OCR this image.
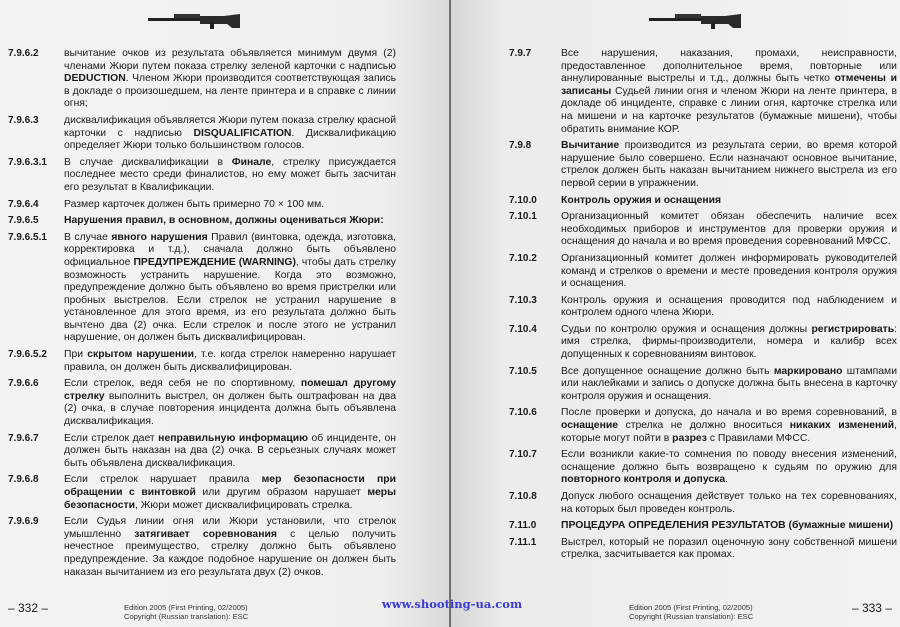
7.9.6.2	вычитание очков из результата объявляется минимум двумя (2) членами Жюри путем показа стрелку зеленой карточки с надписью DEDUCTION. Членом Жюри производится соответствующая запись в докладе о произошедшем, на ленте принтера и в справке с линии огня;
7.9.6.3	дисквалификация объявляется Жюри путем показа стрелку красной карточки с надписью DISQUALIFICATION. Дисквалификацию определяет Жюри только большинством голосов.
7.9.6.3.1	В случае дисквалификации в Финале, стрелку присуждается последнее место среди финалистов, но ему может быть засчитан его результат в Квалификации.
7.9.6.4	Размер карточек должен быть примерно 70 × 100 мм.
7.9.6.5	Нарушения правил, в основном, должны оцениваться Жюри:
7.9.6.5.1	В случае явного нарушения Правил (винтовка, одежда, изготовка, корректировка и т.д.), сначала должно быть объявлено официальное ПРЕДУПРЕЖДЕНИЕ (WARNING), чтобы дать стрелку возможность устранить нарушение. Когда это возможно, предупреждение должно быть объявлено во время пристрелки или пробных выстрелов. Если стрелок не устранил нарушение в установленное для этого время, из его результата должно быть вычтено два (2) очка. Если стрелок и после этого не устранил нарушение, он должен быть дисквалифицирован.
7.9.6.5.2	При скрытом нарушении, т.е. когда стрелок намеренно нарушает правила, он должен быть дисквалифицирован.
7.9.6.6	Если стрелок, ведя себя не по спортивному, помешал другому стрелку выполнить выстрел, он должен быть оштрафован на два (2) очка, в случае повторения инцидента должна быть объявлена дисквалификация.
7.9.6.7	Если стрелок дает неправильную информацию об инциденте, он должен быть наказан на два (2) очка. В серьезных случаях может быть объявлена дисквалификация.
7.9.6.8	Если стрелок нарушает правила мер безопасности при обращении с винтовкой или другим образом нарушает меры безопасности, Жюри может дисквалифицировать стрелка.
7.9.6.9	Если Судья линии огня или Жюри установили, что стрелок умышленно затягивает соревнования с целью получить нечестное преимущество, стрелку должно быть объявлено предупреждение. За каждое подобное нарушение он должен быть наказан вычитанием из его результата двух (2) очков.
– 332 –	Edition 2005 (First Printing, 02/2005)
Copyright (Russian translation): ESC
7.9.7	Все нарушения, наказания, промахи, неисправности, предоставленное дополнительное время, повторные или аннулированные выстрелы и т.д., должны быть четко отмечены и записаны Судьей линии огня и членом Жюри на ленте принтера, в докладе об инциденте, справке с линии огня, карточке стрелка или на мишени и на карточке результатов (бумажные мишени), чтобы обратить внимание КОР.
7.9.8	Вычитание производится из результата серии, во время которой нарушение было совершено. Если назначают основное вычитание, стрелок должен быть наказан вычитанием нижнего выстрела из его первой серии в упражнении.
7.10.0	Контроль оружия и оснащения
7.10.1	Организационный комитет обязан обеспечить наличие всех необходимых приборов и инструментов для проверки оружия и оснащения до начала и во время проведения соревнований МФСС.
7.10.2	Организационный комитет должен информировать руководителей команд и стрелков о времени и месте проведения контроля оружия и оснащения.
7.10.3	Контроль оружия и оснащения проводится под наблюдением и контролем одного члена Жюри.
7.10.4	Судьи по контролю оружия и оснащения должны регистрировать: имя стрелка, фирмы-производители, номера и калибр всех допущенных к соревнованиям винтовок.
7.10.5	Все допущенное оснащение должно быть маркировано штампами или наклейками и запись о допуске должна быть внесена в карточку контроля оружия и оснащения.
7.10.6	После проверки и допуска, до начала и во время соревнований, в оснащение стрелка не должно вноситься никаких изменений, которые могут пойти в разрез с Правилами МФСС.
7.10.7	Если возникли какие-то сомнения по поводу внесения изменений, оснащение должно быть возвращено к судьям по оружию для повторного контроля и допуска.
7.10.8	Допуск любого оснащения действует только на тех соревнованиях, на которых был проведен контроль.
7.11.0	ПРОЦЕДУРА ОПРЕДЕЛЕНИЯ РЕЗУЛЬТАТОВ (бумажные мишени)
7.11.1	Выстрел, который не поразил оценочную зону собственной мишени стрелка, засчитывается как промах.
– 333 –
Edition 2005 (First Printing, 02/2005)
Copyright (Russian translation): ESC
www.shooting-ua.com
